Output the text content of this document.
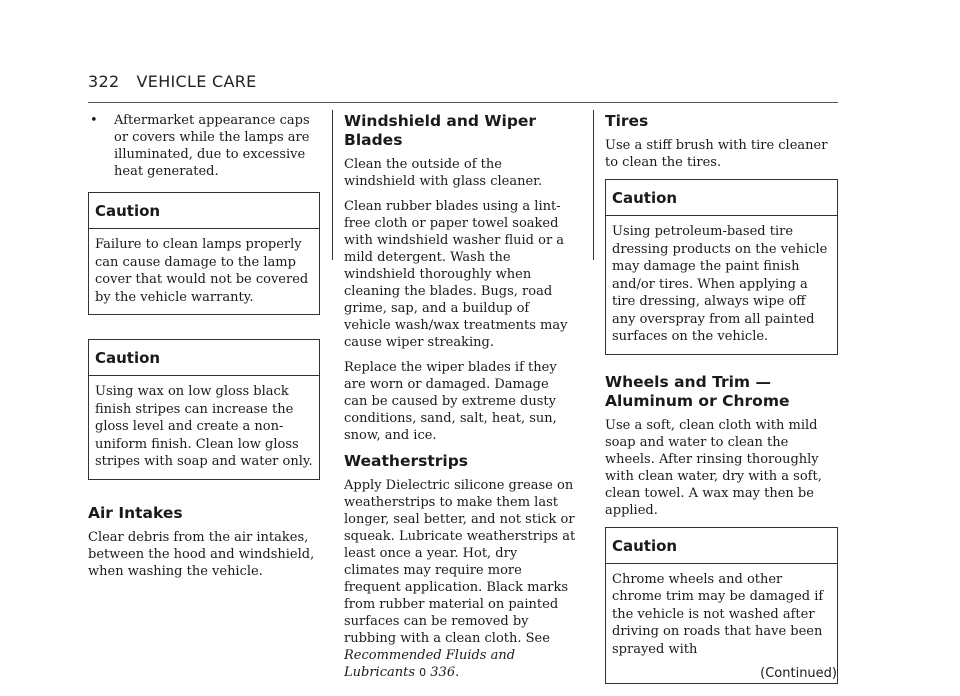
322 VEHICLE CARE
•	Aftermarket appearance caps or covers while the lamps are illuminated, due to excessive heat generated.

Caution

Failure to clean lamps properly can cause damage to the lamp cover that would not be covered by the vehicle warranty.

Caution

Using wax on low gloss black finish stripes can increase the gloss level and create a non-uniform finish. Clean low gloss stripes with soap and water only.

Air Intakes

Clear debris from the air intakes, between the hood and windshield, when washing the vehicle.

Windshield and Wiper Blades

Clean the outside of the windshield with glass cleaner.

Clean rubber blades using a lint-free cloth or paper towel soaked with windshield washer fluid or a mild detergent. Wash the windshield thoroughly when cleaning the blades. Bugs, road grime, sap, and a buildup of vehicle wash/wax treatments may cause wiper streaking.

Replace the wiper blades if they are worn or damaged. Damage can be caused by extreme dusty conditions, sand, salt, heat, sun, snow, and ice.

Weatherstrips

Apply Dielectric silicone grease on weatherstrips to make them last longer, seal better, and not stick or squeak. Lubricate weatherstrips at least once a year. Hot, dry climates may require more frequent application. Black marks from rubber material on painted surfaces can be removed by rubbing with a clean cloth. See Recommended Fluids and Lubricants 0 336.

Tires

Use a stiff brush with tire cleaner to clean the tires.

Caution

Using petroleum-based tire dressing products on the vehicle may damage the paint finish and/or tires. When applying a tire dressing, always wipe off any overspray from all painted surfaces on the vehicle.

Wheels and Trim — Aluminum or Chrome

Use a soft, clean cloth with mild soap and water to clean the wheels. After rinsing thoroughly with clean water, dry with a soft, clean towel. A wax may then be applied.

Caution

Chrome wheels and other chrome trim may be damaged if the vehicle is not washed after driving on roads that have been sprayed with

(Continued)
